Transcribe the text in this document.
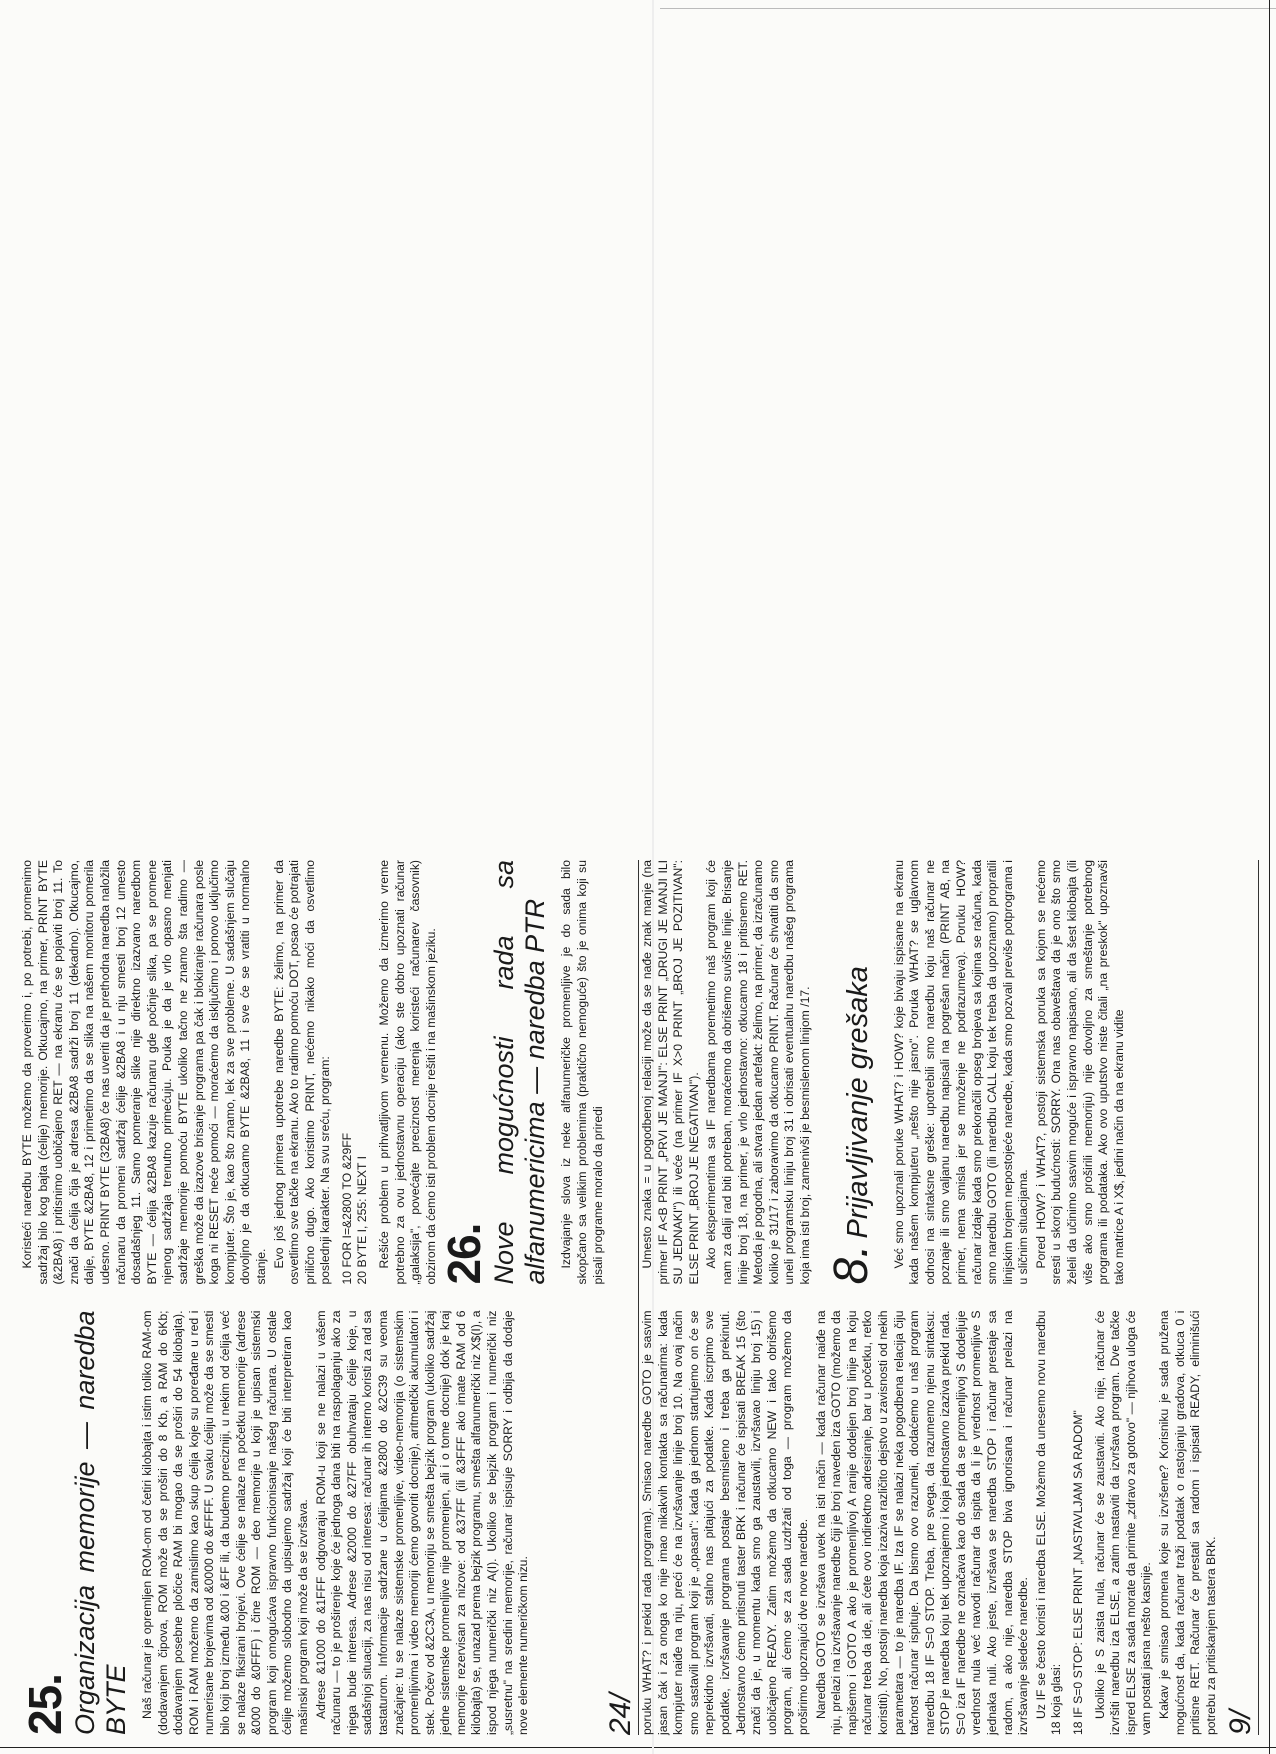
25. Organizacija memorije — naredba BYTE Naš računar je opremljen ROM-om od četiri kilobajta i istim toliko RAM-om (dodavanjem čipova, ROM može da se proširi do 8 Kb, a RAM do 6Kb; dodavanjem posebne pločice RAM bi mogao da se proširi do 54 kilobajta). ROM i RAM možemo da zamislimo kao skup ćelija koje su poređane u red i numerisane brojevima od &0000 do &FFFF. U svaku ćeliju može da se smesti bilo koji broj između &00 i &FF ili, da budemo precizniji, u nekim od ćelija već se nalaze fiksirani brojevi. Ove ćelije se nalaze na početku memorije (adrese &000 do &0FFF) i čine ROM — deo memorije u koji je upisan sistemski program koji omogućava ispravno funkcionisanje našeg računara. U ostale ćelije možemo slobodno da upisujemo sadržaj koji će biti interpretiran kao mašinski program koji može da se izvršava. Adrese &1000 do &1FFF odgovaraju ROM-u koji se ne nalazi u vašem računaru — to je proširenje koje će jednoga dana biti na raspolaganju ako za njega bude interesa. Adrese &2000 do &27FF obuhvataju ćelije koje, u sadašnjoj situaciji, za nas nisu od interesa: računar ih interno koristi za rad sa tastaturom. Informacije sadržane u ćelijama &2800 do &2C39 su veoma značajne: tu se nalaze sistemske promenljive, video-memorija (o sistemskim promenljivima i video memoriji ćemo govoriti docnije), aritmetički akumulatori i stek. Počev od &2C3A, u memoriju se smešta bejzik program (ukoliko sadržaj jedne sistemske promenljive nije promenjen, ali i o tome docnije) dok je kraj memorije rezervisan za nizove: od &37FF (ili &3FFF ako imate RAM od 6 kilobajta) se, unazad prema bejzik programu, smešta alfanumerički niz X$(I), a ispod njega numerički niz A(I). Ukoliko se bejzik program i numerički niz „susretnu" na sredini memorije, računar ispisuje SORRY i odbija da dodaje nove elemente numeričkom nizu.

Koristeći naredbu BYTE možemo da proverimo i, po potrebi, promenimo sadržaj bilo kog bajta (ćelije) memorije. Otkucajmo, na primer, PRINT BYTE (&2BA8) i pritisnimo uobičajeno RET — na ekranu će se pojaviti broj 11. To znači da ćelija čija je adresa &2BA8 sadrži broj 11 (dekadno). Otkucajmo, dalje, BYTE &2BA8, 12 i primetimo da se slika na našem monitoru pomerila udesno. PRINT BYTE (32BA8) će nas uveriti da je prethodna naredba naložila računaru da promeni sadržaj ćelije &2BA8 i u nju smesti broj 12 umesto dosadašnjeg 11. Samo pomeranje slike nije direktno izazvano naredbom BYTE — ćelija &2BA8 kazuje računaru gde počinje slika, pa se promene njenog sadržaja trenutno primećuju. Pouka je da je vrlo opasno menjati sadržaje memorije pomoću BYTE ukoliko tačno ne znamo šta radimo — greška može da izazove brisanje programa pa čak i blokiranje računara posle koga ni RESET neće pomoći — moraćemo da isključimo i ponovo uključimo kompjuter. Što je, kao što znamo, lek za sve probleme. U sadašnjem slučaju dovoljno je da otkucamo BYTE &2BA8, 11 i sve će se vratiti u normalno stanje. Evo još jednog primera upotrebe naredbe BYTE: želimo, na primer da osvetlimo sve tačke na ekranu. Ako to radimo pomoću DOT, posao će potrajati prilično dugo. Ako koristimo PRINT, nećemo nikako moći da osvetlimo poslednji karakter. Na svu sreću, program: 10 FOR I=&2800 TO &29FF 20 BYTE I, 255: NEXT I Rešiće problem u prihvatljivom vremenu. Možemo da izmerimo vreme potrebno za ovu jednostavnu operaciju (ako ste dobro upoznati računar „galaksija", povećajte preciznost merenja koristeći računarev časovnik) obzirom da ćemo isti problem docnije rešiti i na mašinskom jeziku. 26. Nove mogućnosti rada sa alfanumericima — naredba PTR Izdvajanje slova iz neke alfanumeričke promenljive je do sada bilo skopčano sa velikim problemima (praktično nemoguće) što je onima koji su pisali programe moralo da priredi

24/ poruku WHAT? i prekid rada programa). Smisao naredbe GOTO je sasvim jasan čak i za onoga ko nije imao nikakvih kontakta sa računarima: kada kompjuter naiđe na nju, preći će na izvršavanje linije broj 10. Na ovaj način smo sastavili program koji je „opasan": kada ga jednom startujemo on će se neprekidno izvršavati, stalno nas pitajući za podatke. Kada iscrpimo sve podatke, izvršavanje programa postaje besmisleno i treba ga prekinuti. Jednostavno ćemo pritisnuti taster BRK i računar će ispisati BREAK 15 (što znači da je, u momentu kada smo ga zaustavili, izvršavao liniju broj 15) i uobičajeno READY. Zatim možemo da otkucamo NEW i tako obrišemo program, ali ćemo se za sada uzdržati od toga — program možemo da proširimo upoznajući dve nove naredbe. Naredba GOTO se izvršava uvek na isti način — kada računar naiđe na nju, prelazi na izvršavanje naredbe čiji je broj naveden iza GOTO (možemo da napišemo i GOTO A ako je promenljivoj A ranije dodeljen broj linije na koju računar treba da ide, ali ćete ovo indirektno adresiranje, bar u početku, retko koristiti). No, postoji naredba koja izaziva različito dejstvo u zavisnosti od nekih parametara — to je naredba IF. Iza IF se nalazi neka pogodbena relacija čiju tačnost računar ispituje. Da bismo ovo razumeli, dodaćemo u naš program naredbu 18 IF S=0 STOP. Treba, pre svega, da razumemo njenu sintaksu: STOP je naredba koju tek upoznajemo i koja jednostavno izaziva prekid rada. S=0 iza IF naredbe ne označava kao do sada da se promenljivoj S dodeljuje vrednost nula već navodi računar da ispita da li je vrednost promenljive S jednaka nuli. Ako jeste, izvršava se naredba STOP i računar prestaje sa radom, a ako nije, naredba STOP biva ignorisana i računar prelazi na izvršavanje sledeće naredbe. Uz IF se često koristi i naredba ELSE. Možemo da unesemo novu naredbu 18 koja glasi: 18 IF S=0 STOP: ELSE PRINT „NASTAVLJAM SA RADOM" Ukoliko je S zaista nula, računar će se zaustaviti. Ako nije, računar će izvršiti naredbu iza ELSE, a zatim nastaviti da izvršava program. Dve tačke ispred ELSE za sada morate da primite „zdravo za gotovo" — njihova uloga će vam postati jasna nešto kasnije. Kakav je smisao promena koje su izvršene? Korisniku je sada pružena mogućnost da, kada računar traži podatak o rastojanju gradova, otkuca 0 i pritisne RET. Računar će prestati sa radom i ispisati READY, eliminišući potrebu za pritiskanjem tastera BRK.

Umesto znaka = u pogodbenoj relaciji može da se nađe znak manje (na primer IF A<B PRINT „PRVI JE MANJI": ELSE PRINT „DRUGI JE MANJI ILI SU JEDNAKI") ili veće (na primer IF X>0 PRINT „BROJ JE POZITIVAN": ELSE PRINT „BROJ JE NEGATIVAN"). Ako eksperimentima sa IF naredbama poremetimo naš program koji će nam za dalji rad biti potreban, moraćemo da obrišemo suvišne linije. Brisanje linije broj 18, na primer, je vrlo jednostavno: otkucamo 18 i pritisnemo RET. Metoda je pogodna, ali stvara jedan artefakt: želimo, na primer, da izračunamo koliko je 31/17 i zaboravimo da otkucamo PRINT. Računar će shvatiti da smo uneli programsku liniju broj 31 i obrisati eventualnu naredbu našeg programa koja ima isti broj, zamenivši je besmislenom linijom /17. 8.Prijavljivanje grešaka	Već smo upoznali poruke WHAT? i HOW? koje bivaju ispisane na ekranu kada našem kompjuteru „nešto nije jasno". Poruka WHAT? se uglavnom odnosi na sintaksne greške: upotrebili smo naredbu koju naš računar ne poznaje ili smo valjanu naredbu napisali na pogrešan način (PRINT AB, na primer, nema smisla jer se množenje ne podrazumeva). Poruku HOW? računar izdaje kada smo prekoračili opseg brojeva sa kojima se računa, kada smo naredbu GOTO (ili naredbu CALL koju tek treba da upoznamo) propratili linijskim brojem nepostojeće naredbe, kada smo pozvali previše potprograma i u sličnim situacijama. Pored HOW? i WHAT?, postoji sistemska poruka sa kojom se nećemo sresti u skoroj budućnosti: SORRY. Ona nas obaveštava da je ono što smo želeli da učinimo sasvim moguće i ispravno napisano, ali da šest kilobajta (ili više ako smo proširili memoriju) nije dovoljno za smeštanje potrebnog programa ili podataka. Ako ovo uputstvo niste čitali „na preskok" upoznavši tako matrice A i X$, jedini način da na ekranu vidite

9/
